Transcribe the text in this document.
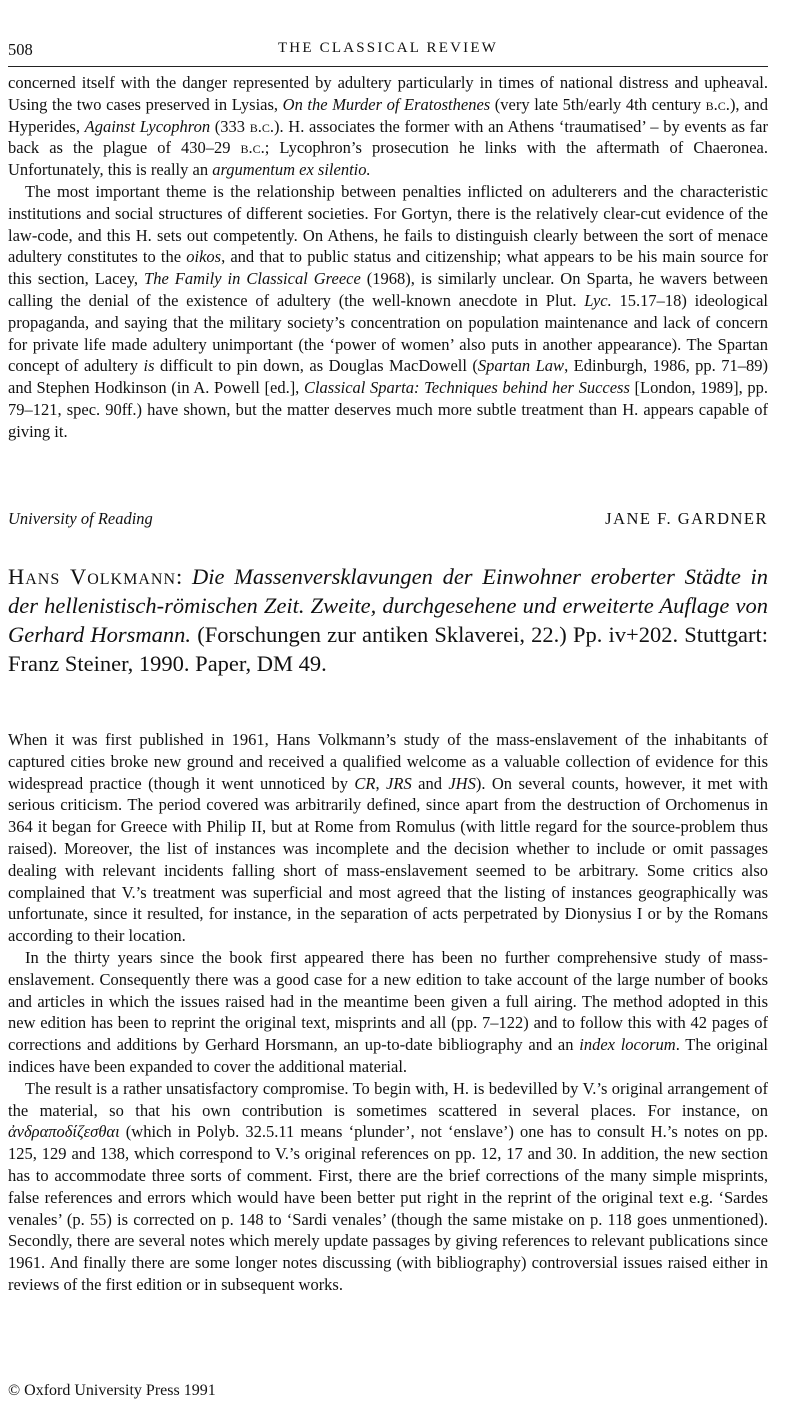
508	THE CLASSICAL REVIEW

concerned itself with the danger represented by adultery particularly in times of national distress and upheaval. Using the two cases preserved in Lysias, On the Murder of Eratosthenes (very late 5th/early 4th century b.c.), and Hyperides, Against Lycophron (333 b.c.). H. associates the former with an Athens ‘traumatised’ – by events as far back as the plague of 430–29 b.c.; Lycophron’s prosecution he links with the aftermath of Chaeronea. Unfortunately, this is really an argumentum ex silentio.

The most important theme is the relationship between penalties inflicted on adulterers and the characteristic institutions and social structures of different societies. For Gortyn, there is the relatively clear-cut evidence of the law-code, and this H. sets out competently. On Athens, he fails to distinguish clearly between the sort of menace adultery constitutes to the oikos, and that to public status and citizenship; what appears to be his main source for this section, Lacey, The Family in Classical Greece (1968), is similarly unclear. On Sparta, he wavers between calling the denial of the existence of adultery (the well-known anecdote in Plut. Lyc. 15.17–18) ideological propaganda, and saying that the military society’s concentration on population maintenance and lack of concern for private life made adultery unimportant (the ‘power of women’ also puts in another appearance). The Spartan concept of adultery is difficult to pin down, as Douglas MacDowell (Spartan Law, Edinburgh, 1986, pp. 71–89) and Stephen Hodkinson (in A. Powell [ed.], Classical Sparta: Techniques behind her Success [London, 1989], pp. 79–121, spec. 90ff.) have shown, but the matter deserves much more subtle treatment than H. appears capable of giving it.

University of Reading	JANE F. GARDNER
Hans Volkmann: Die Massenversklavungen der Einwohner eroberter Städte in der hellenistisch-römischen Zeit. Zweite, durchgesehene und erweiterte Auflage von Gerhard Horsmann. (Forschungen zur antiken Sklaverei, 22.) Pp. iv+202. Stuttgart: Franz Steiner, 1990. Paper, DM 49.

When it was first published in 1961, Hans Volkmann’s study of the mass-enslavement of the inhabitants of captured cities broke new ground and received a qualified welcome as a valuable collection of evidence for this widespread practice (though it went unnoticed by CR, JRS and JHS). On several counts, however, it met with serious criticism. The period covered was arbitrarily defined, since apart from the destruction of Orchomenus in 364 it began for Greece with Philip II, but at Rome from Romulus (with little regard for the source-problem thus raised). Moreover, the list of instances was incomplete and the decision whether to include or omit passages dealing with relevant incidents falling short of mass-enslavement seemed to be arbitrary. Some critics also complained that V.’s treatment was superficial and most agreed that the listing of instances geographically was unfortunate, since it resulted, for instance, in the separation of acts perpetrated by Dionysius I or by the Romans according to their location.

In the thirty years since the book first appeared there has been no further comprehensive study of mass-enslavement. Consequently there was a good case for a new edition to take account of the large number of books and articles in which the issues raised had in the meantime been given a full airing. The method adopted in this new edition has been to reprint the original text, misprints and all (pp. 7–122) and to follow this with 42 pages of corrections and additions by Gerhard Horsmann, an up-to-date bibliography and an index locorum. The original indices have been expanded to cover the additional material.

The result is a rather unsatisfactory compromise. To begin with, H. is bedevilled by V.’s original arrangement of the material, so that his own contribution is sometimes scattered in several places. For instance, on ἀνδραποδίζεσθαι (which in Polyb. 32.5.11 means ‘plunder’, not ‘enslave’) one has to consult H.’s notes on pp. 125, 129 and 138, which correspond to V.’s original references on pp. 12, 17 and 30. In addition, the new section has to accommodate three sorts of comment. First, there are the brief corrections of the many simple misprints, false references and errors which would have been better put right in the reprint of the original text e.g. ‘Sardes venales’ (p. 55) is corrected on p. 148 to ‘Sardi venales’ (though the same mistake on p. 118 goes unmentioned). Secondly, there are several notes which merely update passages by giving references to relevant publications since 1961. And finally there are some longer notes discussing (with bibliography) controversial issues raised either in reviews of the first edition or in subsequent works.

© Oxford University Press 1991
